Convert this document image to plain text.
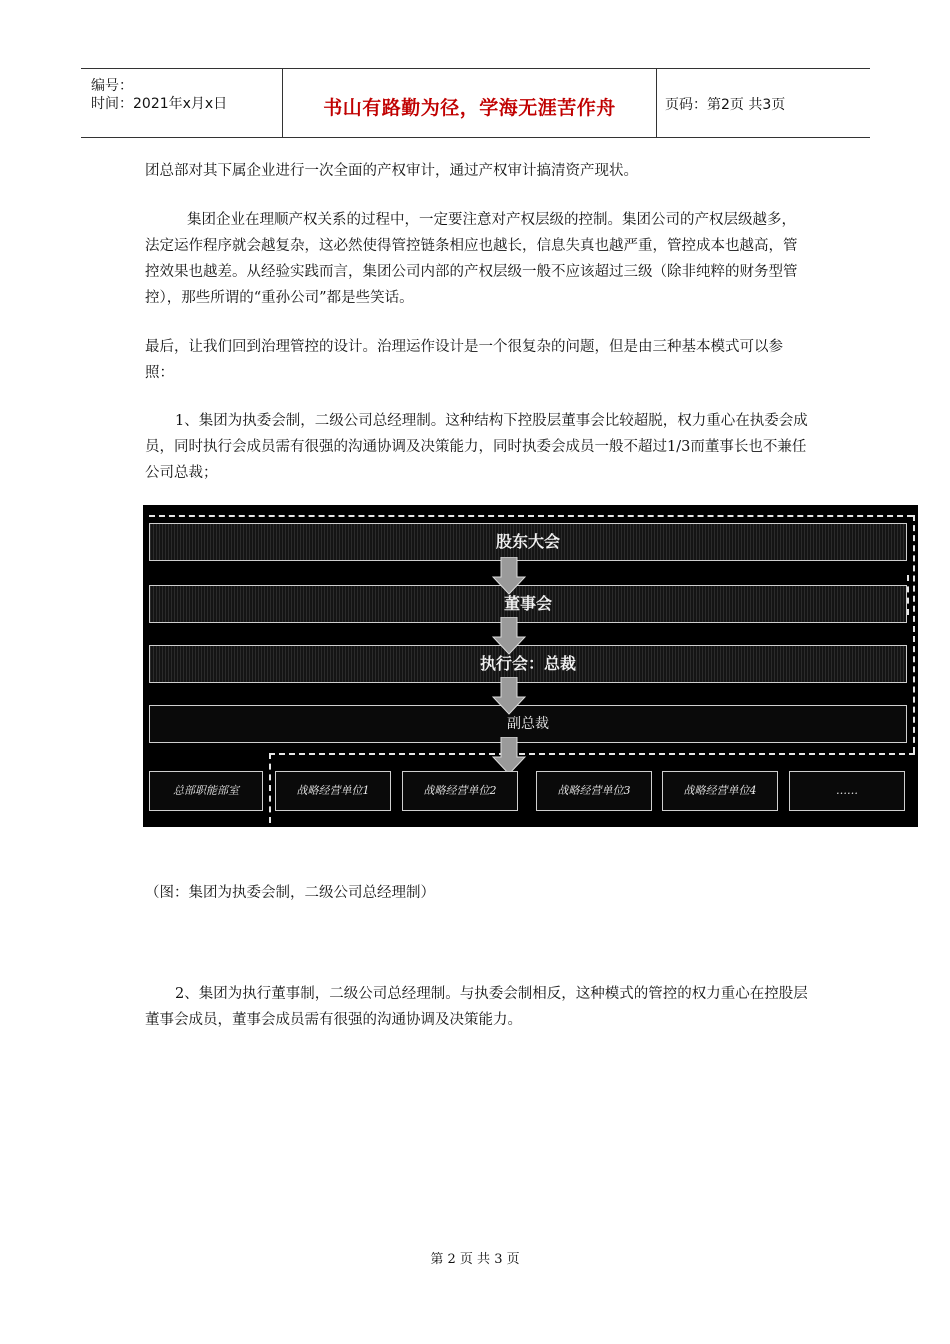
编号：
时间：2021年x月x日	书山有路勤为径，学海无涯苦作舟	页码：第2页 共3页
团总部对其下属企业进行一次全面的产权审计，通过产权审计搞清资产现状。
集团企业在理顺产权关系的过程中，一定要注意对产权层级的控制。集团公司的产权层级越多，法定运作程序就会越复杂，这必然使得管控链条相应也越长，信息失真也越严重，管控成本也越高，管控效果也越差。从经验实践而言，集团公司内部的产权层级一般不应该超过三级（除非纯粹的财务型管控），那些所谓的“重孙公司”都是些笑话。
最后，让我们回到治理管控的设计。治理运作设计是一个很复杂的问题，但是由三种基本模式可以参照：
1、集团为执委会制，二级公司总经理制。这种结构下控股层董事会比较超脱，权力重心在执委会成员，同时执行会成员需有很强的沟通协调及决策能力，同时执委会成员一般不超过1/3而董事长也不兼任公司总裁；
股东大会
董事会
执行会：总裁
副总裁
总部职能部室	战略经营单位1	战略经营单位2	战略经营单位3	战略经营单位4	……
（图：集团为执委会制，二级公司总经理制）
2、集团为执行董事制，二级公司总经理制。与执委会制相反，这种模式的管控的权力重心在控股层董事会成员，董事会成员需有很强的沟通协调及决策能力。
第 2 页 共 3 页
